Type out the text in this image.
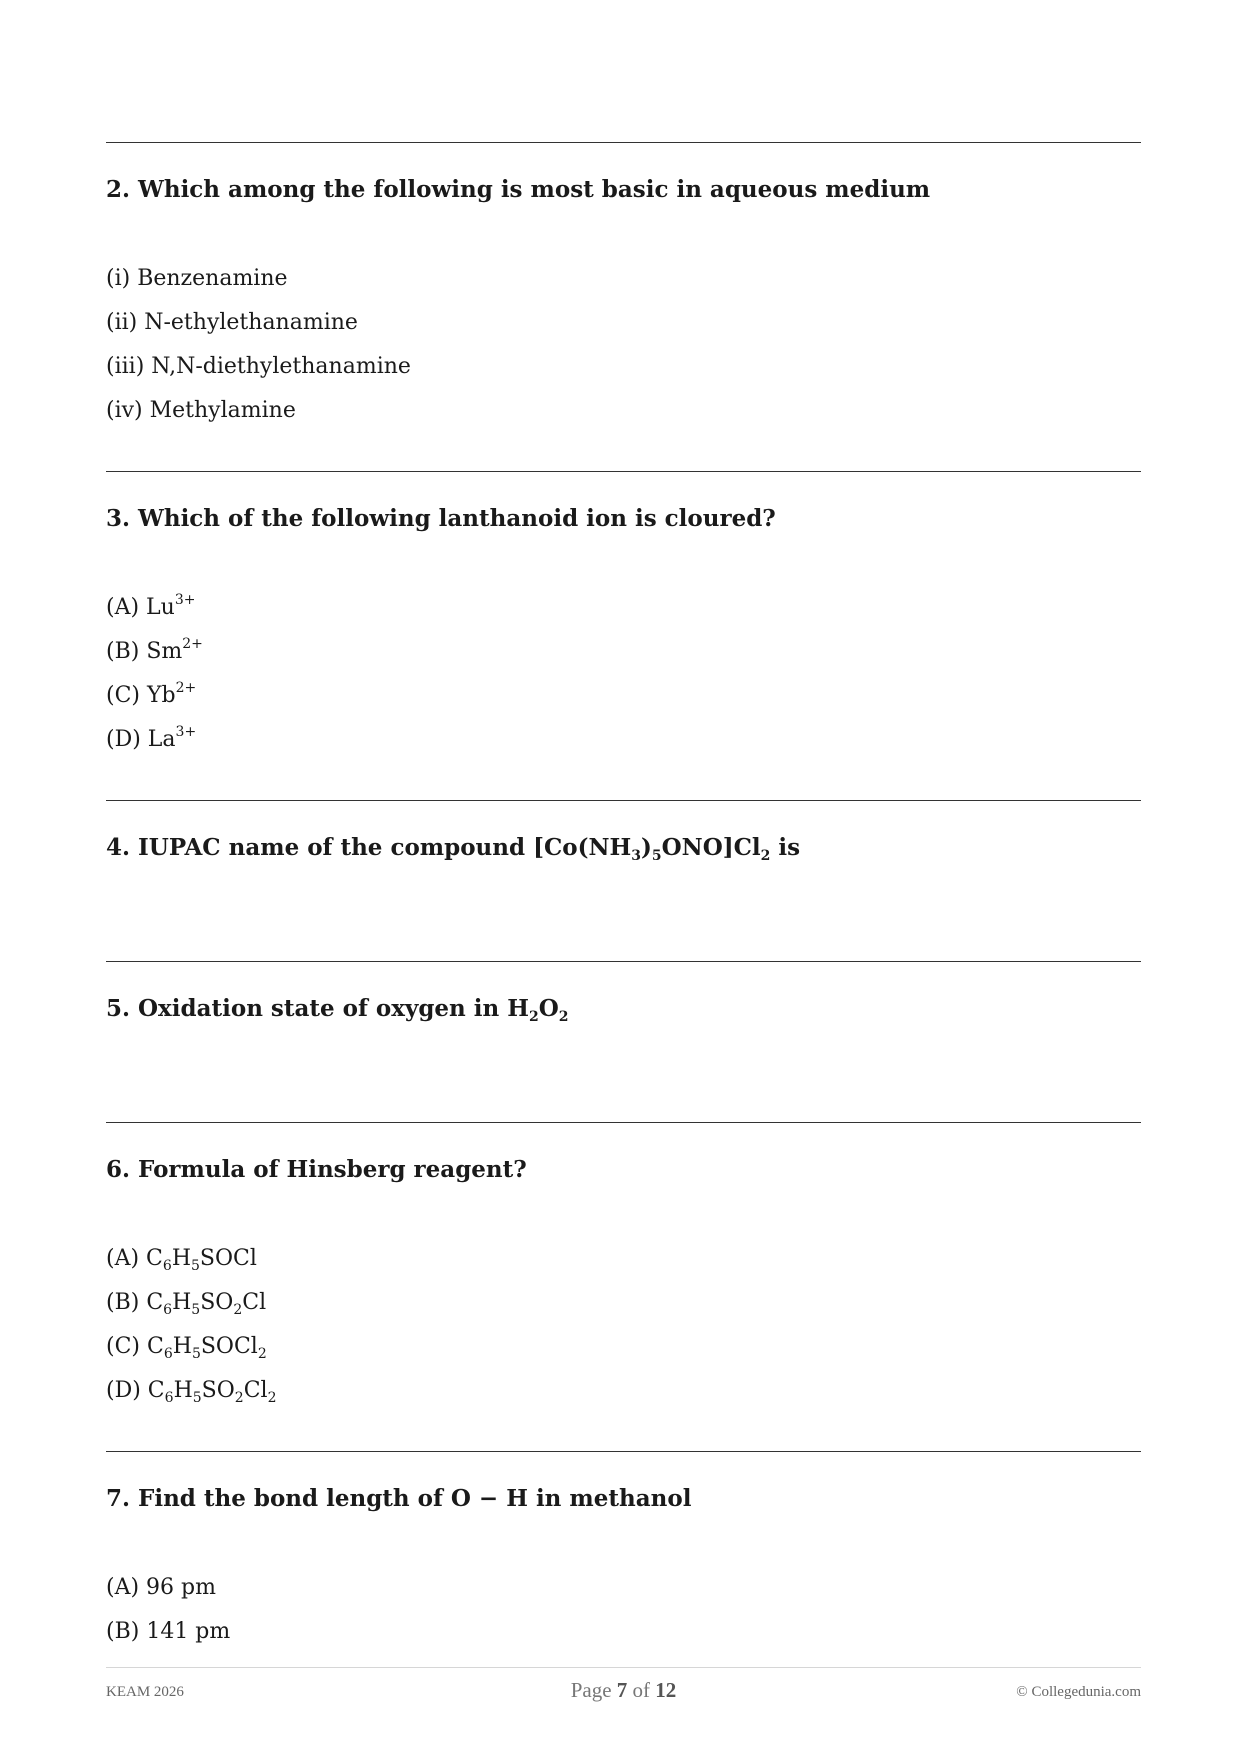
2. Which among the following is most basic in aqueous medium

(i) Benzenamine

(ii) N-ethylethanamine

(iii) N,N-diethylethanamine

(iv) Methylamine

3. Which of the following lanthanoid ion is cloured?

(A) $Lu^{3+}$

(B) $Sm^{2+}$

(C) $Yb^{2+}$

(D) $La^{3+}$

4. IUPAC name of the compound $[Co(NH_3)_5ONO]Cl_2$ is

5. Oxidation state of oxygen in $H_2O_2$

6. Formula of Hinsberg reagent?

(A) $C_6H_5SOCl$

(B) $C_6H_5SO_2Cl$

(C) $C_6H_5SOCl_2$

(D) $C_6H_5SO_2Cl_2$

7. Find the bond length of O − H in methanol

(A) 96 pm

(B) 141 pm

KEAM 2026	Page 7 of 12	© Collegedunia.com
